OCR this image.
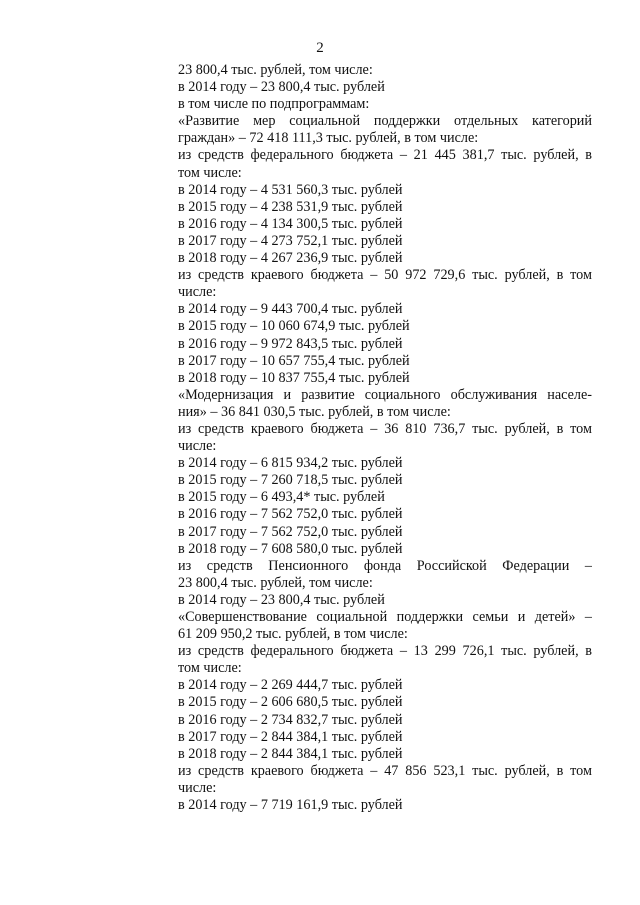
2
23 800,4 тыс. рублей, том числе:
в 2014 году – 23 800,4 тыс. рублей
в том числе по подпрограммам:
«Развитие мер социальной поддержки отдельных категорий
граждан» – 72 418 111,3 тыс. рублей, в том числе:
из средств федерального бюджета – 21 445 381,7 тыс. рублей, в
том числе:
в 2014 году – 4 531 560,3 тыс. рублей
в 2015 году – 4 238 531,9 тыс. рублей
в 2016 году – 4 134 300,5 тыс. рублей
в 2017 году – 4 273 752,1 тыс. рублей
в 2018 году – 4 267 236,9 тыс. рублей
из средств краевого бюджета – 50 972 729,6 тыс. рублей, в том
числе:
в 2014 году – 9 443 700,4 тыс. рублей
в 2015 году – 10 060 674,9 тыс. рублей
в 2016 году – 9 972 843,5 тыс. рублей
в 2017 году – 10 657 755,4 тыс. рублей
в 2018 году – 10 837 755,4 тыс. рублей
«Модернизация и развитие социального обслуживания населе-
ния» – 36 841 030,5 тыс. рублей, в том числе:
из средств краевого бюджета – 36 810 736,7 тыс. рублей, в том
числе:
в 2014 году – 6 815 934,2 тыс. рублей
в 2015 году – 7 260 718,5 тыс. рублей
в 2015 году – 6 493,4* тыс. рублей
в 2016 году – 7 562 752,0 тыс. рублей
в 2017 году – 7 562 752,0 тыс. рублей
в 2018 году – 7 608 580,0 тыс. рублей
из средств Пенсионного фонда Российской Федерации –
23 800,4 тыс. рублей, том числе:
в 2014 году – 23 800,4 тыс. рублей
«Совершенствование социальной поддержки семьи и детей» –
61 209 950,2 тыс. рублей, в том числе:
из средств федерального бюджета – 13 299 726,1 тыс. рублей, в
том числе:
в 2014 году – 2 269 444,7 тыс. рублей
в 2015 году – 2 606 680,5 тыс. рублей
в 2016 году – 2 734 832,7 тыс. рублей
в 2017 году – 2 844 384,1 тыс. рублей
в 2018 году – 2 844 384,1 тыс. рублей
из средств краевого бюджета – 47 856 523,1 тыс. рублей, в том
числе:
в 2014 году – 7 719 161,9 тыс. рублей
